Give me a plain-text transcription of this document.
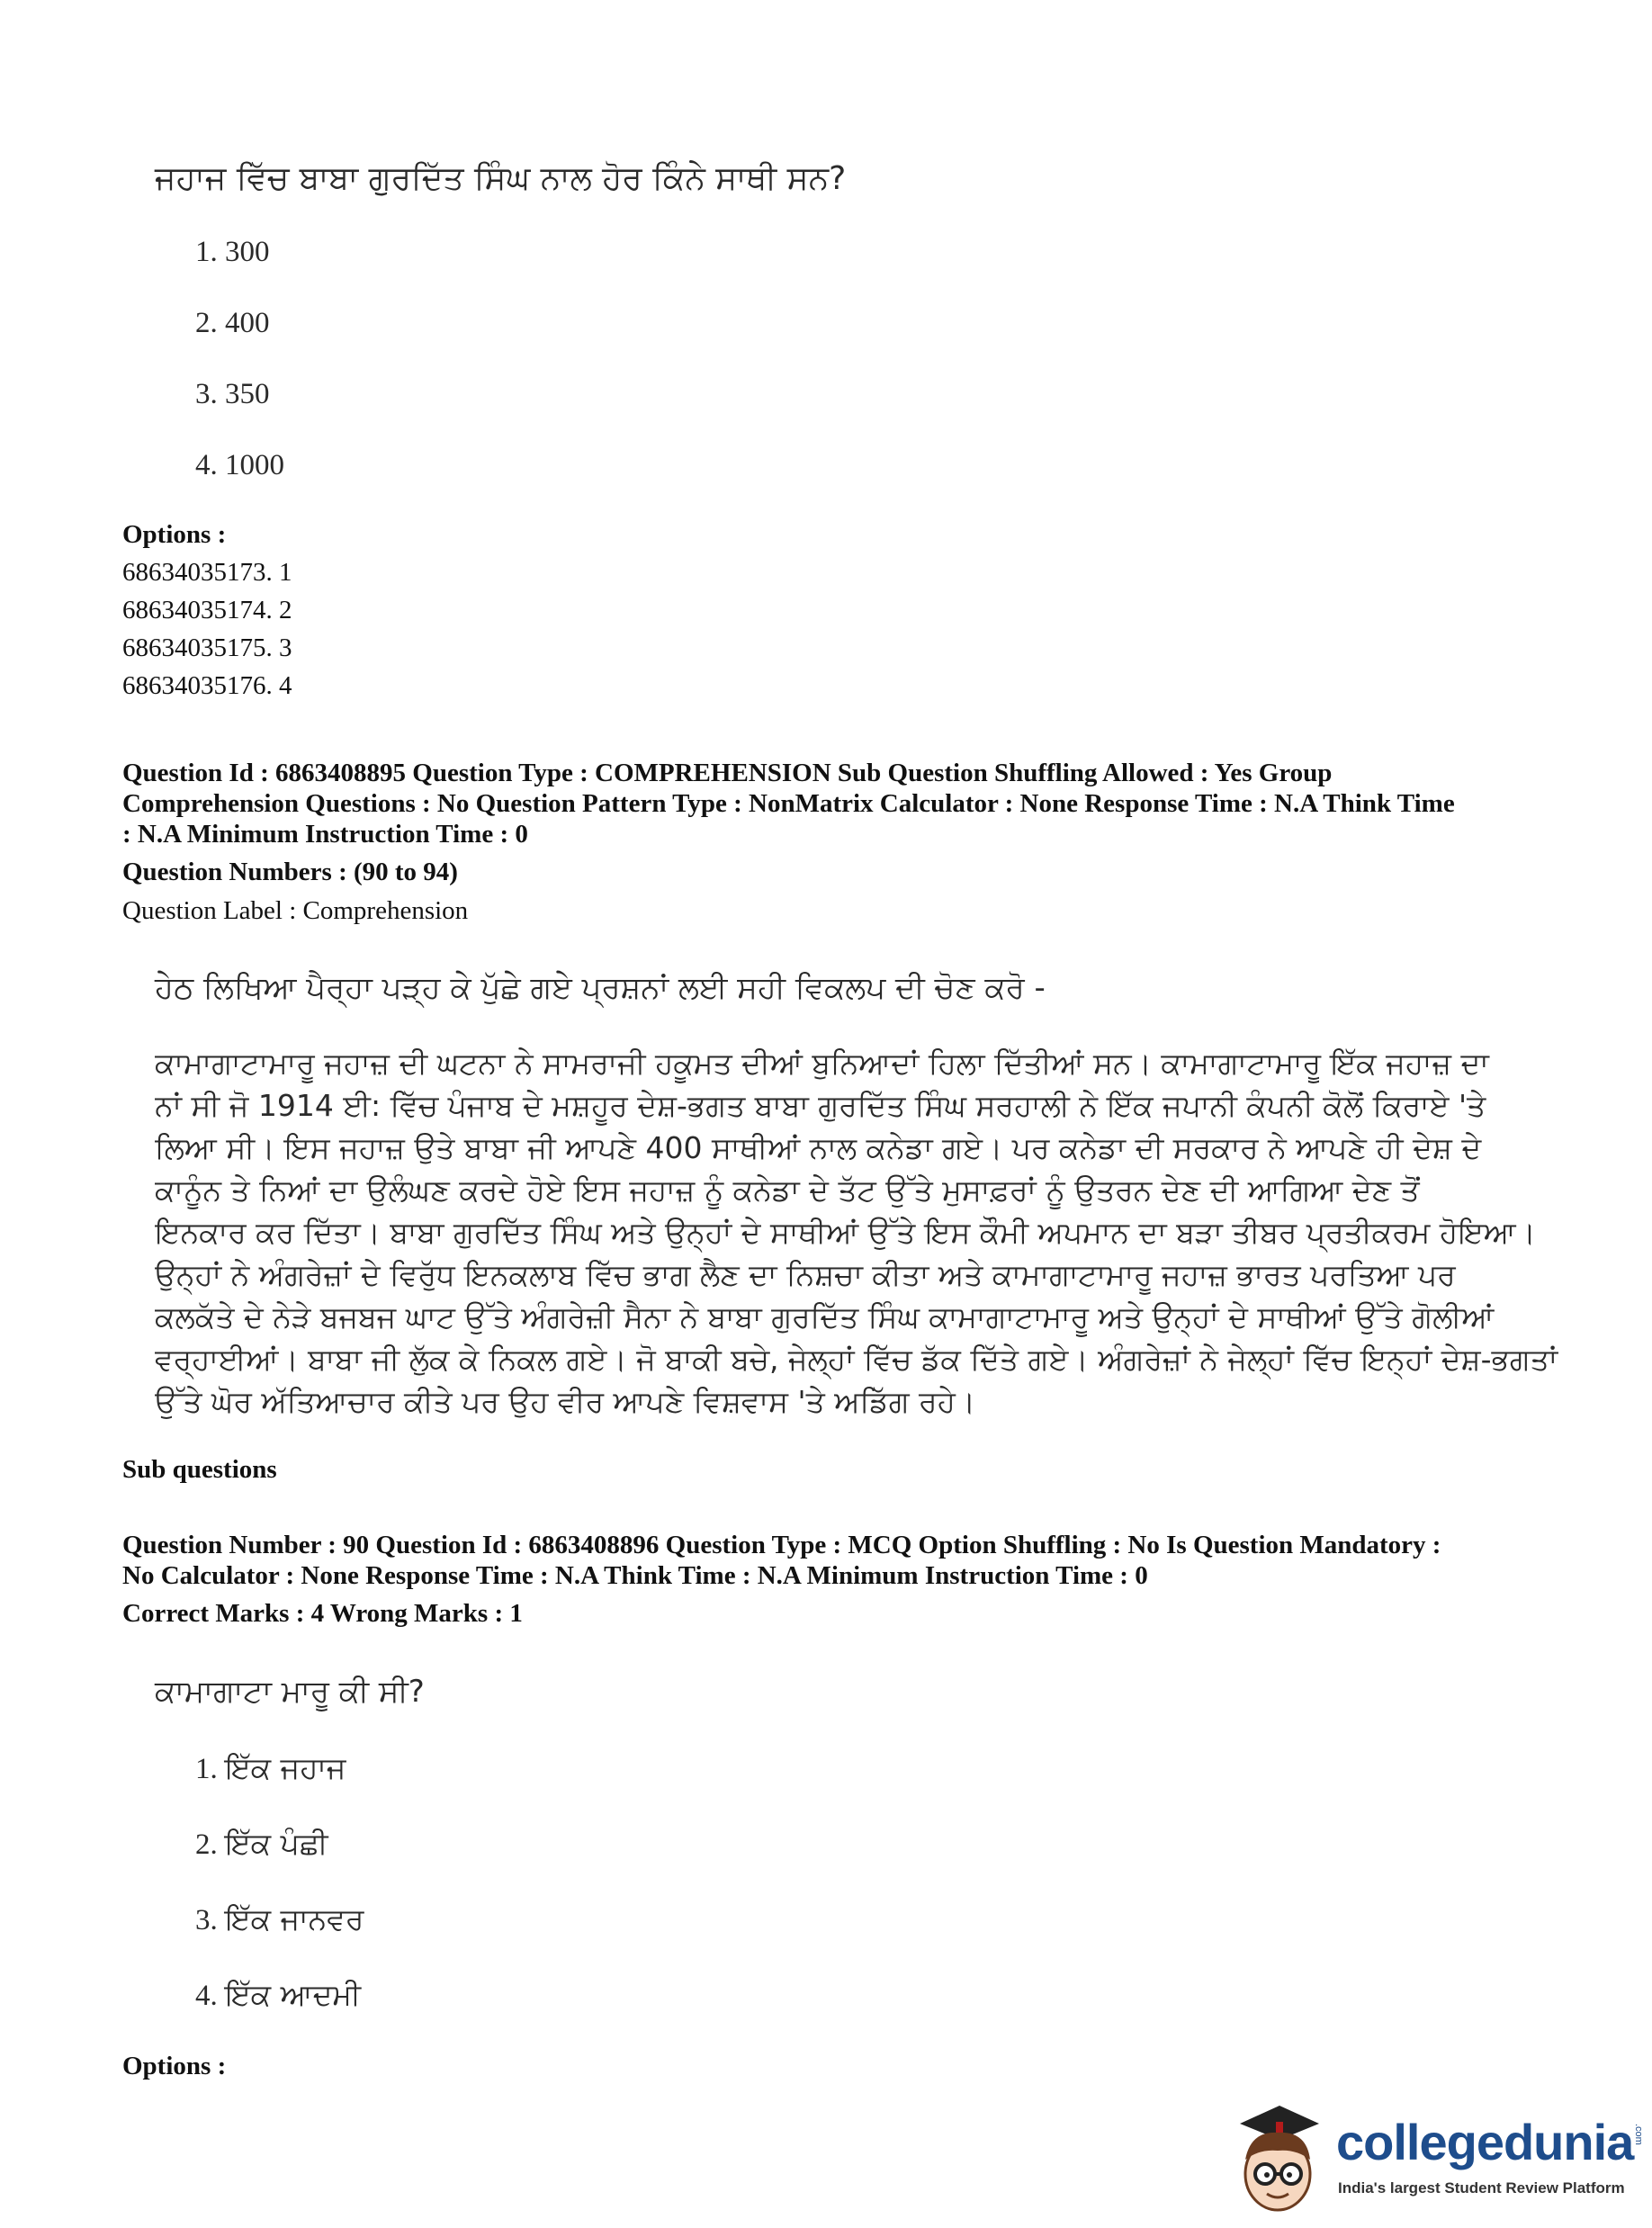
ਜਹਾਜ ਵਿੱਚ ਬਾਬਾ ਗੁਰਦਿੱਤ ਸਿੰਘ ਨਾਲ ਹੋਰ ਕਿੰਨੇ ਸਾਥੀ ਸਨ?
1. 300
2. 400
3. 350
4. 1000
Options :
68634035173. 1
68634035174. 2
68634035175. 3
68634035176. 4
Question Id : 6863408895 Question Type : COMPREHENSION Sub Question Shuffling Allowed : Yes Group
Comprehension Questions : No Question Pattern Type : NonMatrix Calculator : None Response Time : N.A Think Time
: N.A Minimum Instruction Time : 0
Question Numbers : (90 to 94)
Question Label : Comprehension
ਹੇਠ ਲਿਖਿਆ ਪੈਰ੍ਹਾ ਪੜ੍ਹ ਕੇ ਪੁੱਛੇ ਗਏ ਪ੍ਰਸ਼ਨਾਂ ਲਈ ਸਹੀ ਵਿਕਲਪ ਦੀ ਚੋਣ ਕਰੋ -
ਕਾਮਾਗਾਟਾਮਾਰੂ ਜਹਾਜ਼ ਦੀ ਘਟਨਾ ਨੇ ਸਾਮਰਾਜੀ ਹਕੂਮਤ ਦੀਆਂ ਬੁਨਿਆਦਾਂ ਹਿਲਾ ਦਿੱਤੀਆਂ ਸਨ। ਕਾਮਾਗਾਟਾਮਾਰੂ ਇੱਕ ਜਹਾਜ਼ ਦਾ
ਨਾਂ ਸੀ ਜੋ 1914 ਈ: ਵਿੱਚ ਪੰਜਾਬ ਦੇ ਮਸ਼ਹੂਰ ਦੇਸ਼-ਭਗਤ ਬਾਬਾ ਗੁਰਦਿੱਤ ਸਿੰਘ ਸਰਹਾਲੀ ਨੇ ਇੱਕ ਜਪਾਨੀ ਕੰਪਨੀ ਕੋਲੋਂ ਕਿਰਾਏ 'ਤੇ
ਲਿਆ ਸੀ। ਇਸ ਜਹਾਜ਼ ਉਤੇ ਬਾਬਾ ਜੀ ਆਪਣੇ 400 ਸਾਥੀਆਂ ਨਾਲ ਕਨੇਡਾ ਗਏ। ਪਰ ਕਨੇਡਾ ਦੀ ਸਰਕਾਰ ਨੇ ਆਪਣੇ ਹੀ ਦੇਸ਼ ਦੇ
ਕਾਨੂੰਨ ਤੇ ਨਿਆਂ ਦਾ ਉਲੰਘਣ ਕਰਦੇ ਹੋਏ ਇਸ ਜਹਾਜ਼ ਨੂੰ ਕਨੇਡਾ ਦੇ ਤੱਟ ਉੱਤੇ ਮੁਸਾਫ਼ਰਾਂ ਨੂੰ ਉਤਰਨ ਦੇਣ ਦੀ ਆਗਿਆ ਦੇਣ ਤੋਂ
ਇਨਕਾਰ ਕਰ ਦਿੱਤਾ। ਬਾਬਾ ਗੁਰਦਿੱਤ ਸਿੰਘ ਅਤੇ ਉਨ੍ਹਾਂ ਦੇ ਸਾਥੀਆਂ ਉੱਤੇ ਇਸ ਕੌਮੀ ਅਪਮਾਨ ਦਾ ਬੜਾ ਤੀਬਰ ਪ੍ਰਤੀਕਰਮ ਹੋਇਆ।
ਉਨ੍ਹਾਂ ਨੇ ਅੰਗਰੇਜ਼ਾਂ ਦੇ ਵਿਰੁੱਧ ਇਨਕਲਾਬ ਵਿੱਚ ਭਾਗ ਲੈਣ ਦਾ ਨਿਸ਼ਚਾ ਕੀਤਾ ਅਤੇ ਕਾਮਾਗਾਟਾਮਾਰੂ ਜਹਾਜ਼ ਭਾਰਤ ਪਰਤਿਆ ਪਰ
ਕਲਕੱਤੇ ਦੇ ਨੇੜੇ ਬਜਬਜ ਘਾਟ ਉੱਤੇ ਅੰਗਰੇਜ਼ੀ ਸੈਨਾ ਨੇ ਬਾਬਾ ਗੁਰਦਿੱਤ ਸਿੰਘ ਕਾਮਾਗਾਟਾਮਾਰੂ ਅਤੇ ਉਨ੍ਹਾਂ ਦੇ ਸਾਥੀਆਂ ਉੱਤੇ ਗੋਲੀਆਂ
ਵਰ੍ਹਾਈਆਂ। ਬਾਬਾ ਜੀ ਲੁੱਕ ਕੇ ਨਿਕਲ ਗਏ। ਜੋ ਬਾਕੀ ਬਚੇ, ਜੇਲ੍ਹਾਂ ਵਿੱਚ ਡੱਕ ਦਿੱਤੇ ਗਏ। ਅੰਗਰੇਜ਼ਾਂ ਨੇ ਜੇਲ੍ਹਾਂ ਵਿੱਚ ਇਨ੍ਹਾਂ ਦੇਸ਼-ਭਗਤਾਂ
ਉੱਤੇ ਘੋਰ ਅੱਤਿਆਚਾਰ ਕੀਤੇ ਪਰ ਉਹ ਵੀਰ ਆਪਣੇ ਵਿਸ਼ਵਾਸ 'ਤੇ ਅਡਿੱਗ ਰਹੇ।
Sub questions
Question Number : 90 Question Id : 6863408896 Question Type : MCQ Option Shuffling : No Is Question Mandatory :
No Calculator : None Response Time : N.A Think Time : N.A Minimum Instruction Time : 0
Correct Marks : 4 Wrong Marks : 1
ਕਾਮਾਗਾਟਾ ਮਾਰੂ ਕੀ ਸੀ?
1. ਇੱਕ ਜਹਾਜ
2. ਇੱਕ ਪੰਛੀ
3. ਇੱਕ ਜਾਨਵਰ
4. ਇੱਕ ਆਦਮੀ
Options :
collegedunia .com
India's largest Student Review Platform
